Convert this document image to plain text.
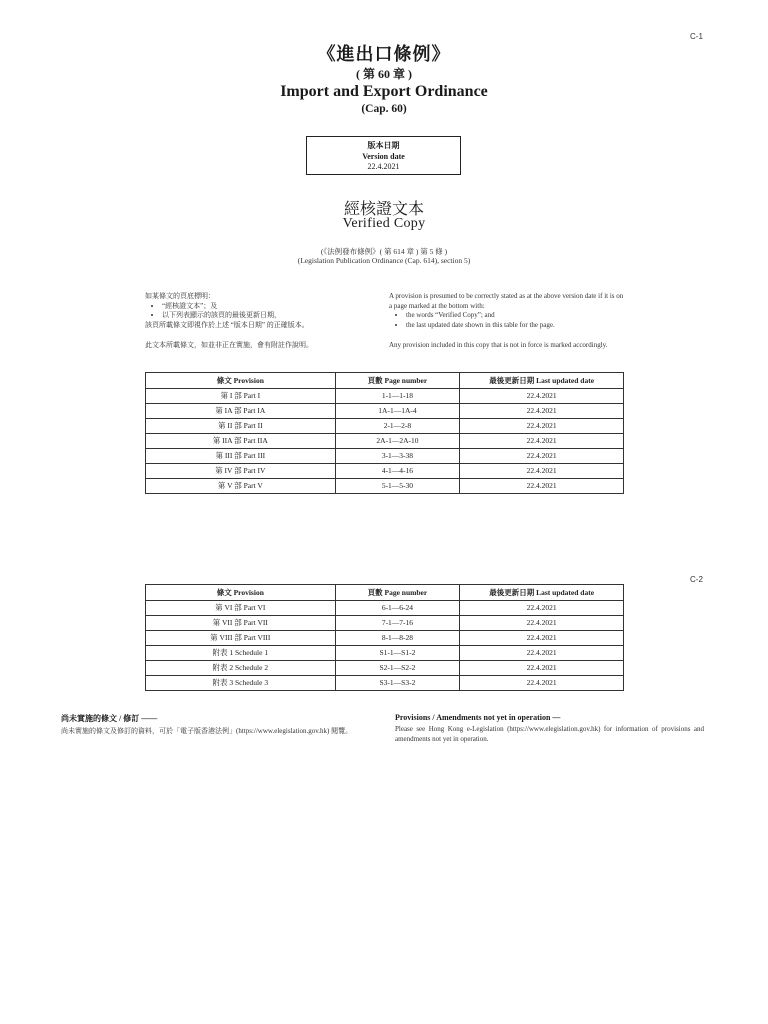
C-1
《進出口條例》
( 第 60 章 )
Import and Export Ordinance
(Cap. 60)
版本日期
Version date
22.4.2021
經核證文本
Verified Copy
(《法例發布條例》( 第 614 章 ) 第 5 條 )
(Legislation Publication Ordinance (Cap. 614), section 5)

如某條文的頁底標明：

• “經核證文本”；及
• 以下列表顯示的該頁的最後更新日期，

該頁所載條文即視作於上述 “版本日期” 的正確版本。

此文本所載條文，如並非正在實施，會有附註作說明。

A provision is presumed to be correctly stated as at the above version date if it is on a page marked at the bottom with:

• the words “Verified Copy”; and
• the last updated date shown in this table for the page.

Any provision included in this copy that is not in force is marked accordingly.

條文 Provision	頁數 Page number	最後更新日期 Last updated date
第 I 部 Part I	1-1—1-18	22.4.2021
第 IA 部 Part IA	1A-1—1A-4	22.4.2021
第 II 部 Part II	2-1—2-8	22.4.2021
第 IIA 部 Part IIA	2A-1—2A-10	22.4.2021
第 III 部 Part III	3-1—3-38	22.4.2021
第 IV 部 Part IV	4-1—4-16	22.4.2021
第 V 部 Part V	5-1—5-30	22.4.2021
C-2
條文 Provision	頁數 Page number	最後更新日期 Last updated date
第 VI 部 Part VI	6-1—6-24	22.4.2021
第 VII 部 Part VII	7-1—7-16	22.4.2021
第 VIII 部 Part VIII	8-1—8-28	22.4.2021
附表 1 Schedule 1	S1-1—S1-2	22.4.2021
附表 2 Schedule 2	S2-1—S2-2	22.4.2021
附表 3 Schedule 3	S3-1—S3-2	22.4.2021
尚未實施的條文 / 修訂 ——
尚未實施的條文及修訂的資料，可於「電子版香港法例」(https://www.elegislation.gov.hk) 閱覽。
Provisions / Amendments not yet in operation —
Please see Hong Kong e-Legislation (https://www.elegislation.gov.hk) for information of provisions and amendments not yet in operation.
